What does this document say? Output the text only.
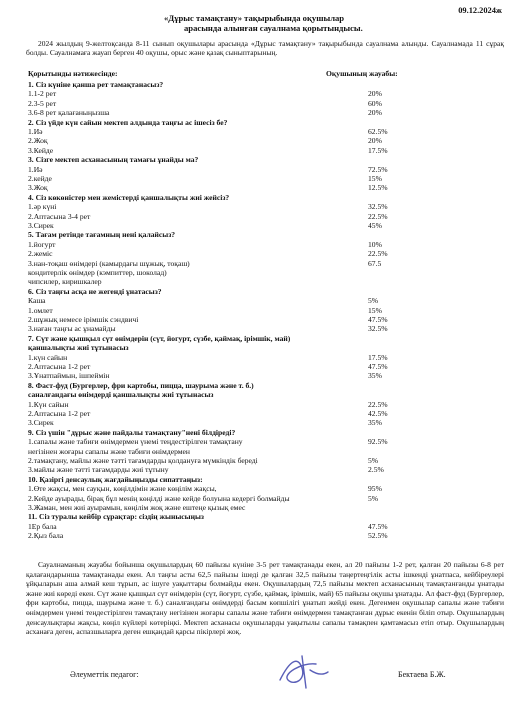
09.12.2024ж
«Дұрыс тамақтану» тақырыбында оқушылар
арасында алынған сауалнама қорытындысы.
2024 жылдың 9-желтоқсанда 8-11 сынып оқушылары арасында «Дұрыс тамақтану» тақырыбында сауалнама алынды. Сауалнамада 11 сұрақ болды. Сауалнамаға жауап берген 40 оқушы, орыс және қазақ сыныптарының.
Қорытынды нәтижесінде:	Оқушының жауабы:
1. Сіз күніне қанша рет тамақтанасыз?
1.1-2 рет	20%
2.3-5 рет	60%
3.6-8 рет қалағаныңызша	20%
2. Сіз үйде күн сайын мектеп алдында таңғы ас ішесіз бе?
1.Иә	62.5%
2.Жоқ	20%
3.Кейде	17.5%
3. Сізге мектеп асханасының тамағы ұнайды ма?
1.Иә	72.5%
2.кейде	15%
3.Жоқ	12.5%
4. Сіз көкөністер мен жемістерді қаншалықты жиі жейсіз?
1.әр күні	32.5%
2.Аптасына 3-4 рет	22.5%
3.Сирек	45%
5. Тағам ретінде тағамның нені қалайсыз?
1.йогурт	10%
2.жеміс	22.5%
3.нан-тоқаш өнімдері (камырдағы шұжық, тоқаш)	67.5
кондитерлік өнімдер (кэмпиттер, шоколад)
чипсилер, киришкалер
6. Сіз таңғы асқа не жегенді ұнатасыз?
Каша	5%
1.омлет	15%
2.шұжық немесе ірімшік сэндвичі	47.5%
3.наған таңғы ас ұнамайды	32.5%
7. Сүт және қышқыл сүт өнімдерін (сүт, йогурт, сүзбе, қаймақ, ірімшік, май)
қаншалықты жиі тұтынасыз
1.күн сайын	17.5%
2.Аптасына 1-2 рет	47.5%
3.Ұнатпаймын, ішпеймін	35%
8. Фаст-фуд (Бургерлер, фри картобы, пицца, шаурыма және т. б.)
саналғандағы өнімдерді қаншалықты жиі тұтынасыз
1.Күн сайын	22.5%
2.Аптасына 1-2 рет	42.5%
3.Сирек	35%
9. Сіз үшін "дұрыс және пайдалы тамақтану"нені білдіреді?
1.сапалы және табиғи өнімдермен үнемі теңдестірілген тамақтану	92.5%
негізінен жоғары сапалы және табиғи өнімдермен
2.тамақтану, майлы және тәтті тағамдарды қолдануға мүмкіндік береді	5%
3.майлы және тәтті тағамдарды жиі тұтыну	2.5%
10. Қазіргі денсаулық жағдайыңызды сипаттаңыз:
1.Өте жақсы, мен сауқын, көңілдімін және көңілім жақсы,	95%
2.Кейде ауырады, бірақ бұл менің көңілді және кейде болуына кедергі болмайды	5%
3.Жаман, мен жиі ауырамын, көңілім жоқ және ештеңе қызық емес
11. Сіз туралы кейбір сұрақтар: сіздің жынысыңыз
1Ер бала	47.5%
2.Қыз бала	52.5%
Сауалнаманың жауабы бойынша оқушылардың 60 пайызы күніне 3-5 рет тамақтанады екен, ал 20 пайызы 1-2 рет, қалған 20 пайызы 6-8 рет қалағандарынша тамақтанады екен. Ал таңғы асты 62,5 пайызы ішеді де қалған 32,5 пайызы таңертеңгілік асты ішкенді ұнатпаса, кейбіреулері ұйқыларын аша алмай кеш тұрып, ас ішуге уақыттары болмайды екен. Оқушылардың 72,5 пайызы мектеп асханасының тамақтанғанды ұнатады және жиі көреді екен. Сүт және қышқыл сүт өнімдерін (сүт, йогурт, сүзбе, қаймақ, ірімшік, май) 65 пайызы оқушы ұнатады. Ал фаст-фуд (Бургерлер, фри картобы, пицца, шаурыма және т. б.) саналғандағы өнімдерді басым көпшілігі ұнатып жейді екен. Дегенмен оқушылар сапалы және табиғи өнімдермен үнемі теңдестірілген тамақтану негізінен жоғары сапалы және табиғи өнімдермен тамақтанған дұрыс екенін біліп отыр. Оқушылардың денсаулықтары жақсы, көңіл күйлері көтеріңкі. Мектеп асханасы оқушыларды уақытылы сапалы тамақпен қамтамасыз етіп отыр. Оқушылардың асханаға деген, аспазшыларға деген ешқандай қарсы пікірлері жоқ.
Әлеуметтік педагог:	Бектаева Б.Ж.
